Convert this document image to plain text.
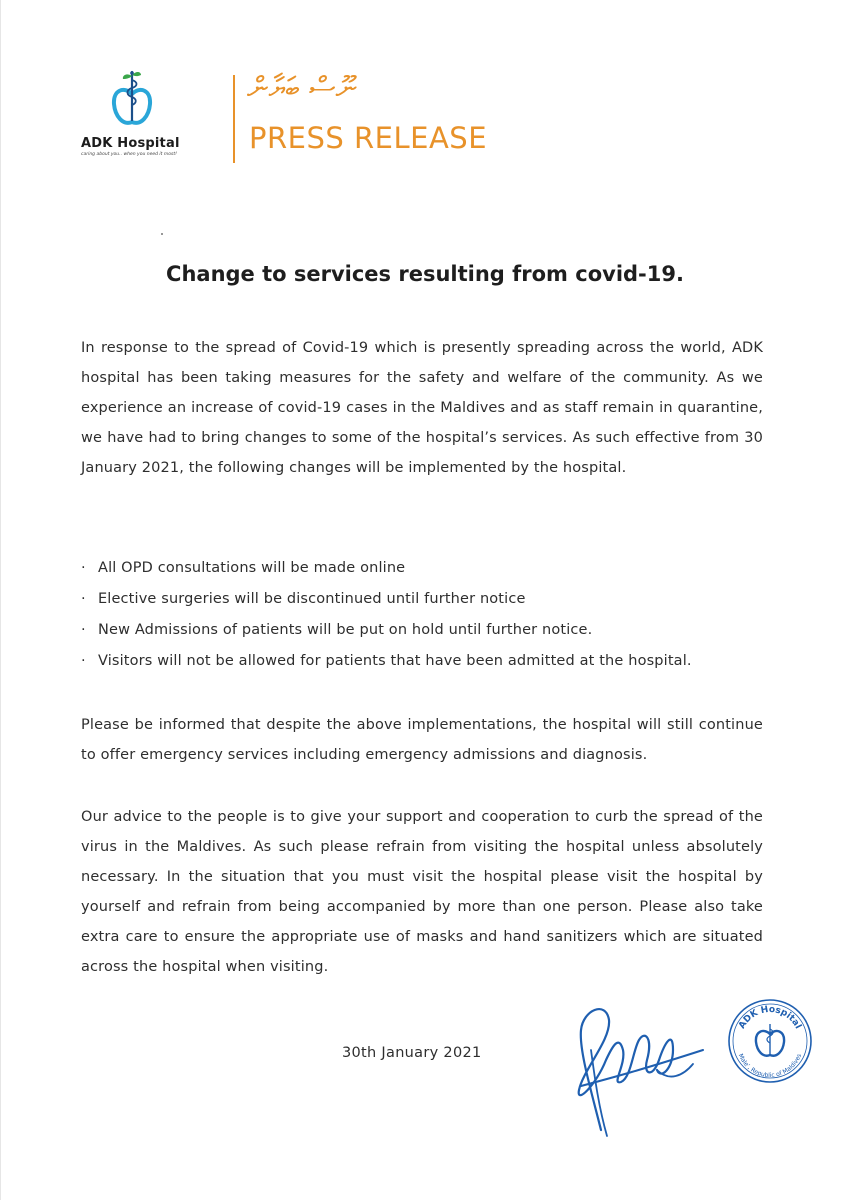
ADK Hospital
caring about you.. when you need it most!
ނޫސް ބަޔާން
PRESS RELEASE
Change to services resulting from covid-19.

In response to the spread of Covid-19 which is presently spreading across the world, ADK hospital has been taking measures for the safety and welfare of the community. As we experience an increase of covid-19 cases in the Maldives and as staff remain in quarantine, we have had to bring changes to some of the hospital’s services. As such effective from 30 January 2021, the following changes will be implemented by the hospital.

· All OPD consultations will be made online
· Elective surgeries will be discontinued until further notice
· New Admissions of patients will be put on hold until further notice.
· Visitors will not be allowed for patients that have been admitted at the hospital.

Please be informed that despite the above implementations, the hospital will still continue to offer emergency services including emergency admissions and diagnosis.

Our advice to the people is to give your support and cooperation to curb the spread of the virus in the Maldives. As such please refrain from visiting the hospital unless absolutely necessary. In the situation that you must visit the hospital please visit the hospital by yourself and refrain from being accompanied by more than one person. Please also take extra care to ensure the appropriate use of masks and hand sanitizers which are situated across the hospital when visiting.

30th January 2021
ADK Hospital
Male’, Republic of Maldives
